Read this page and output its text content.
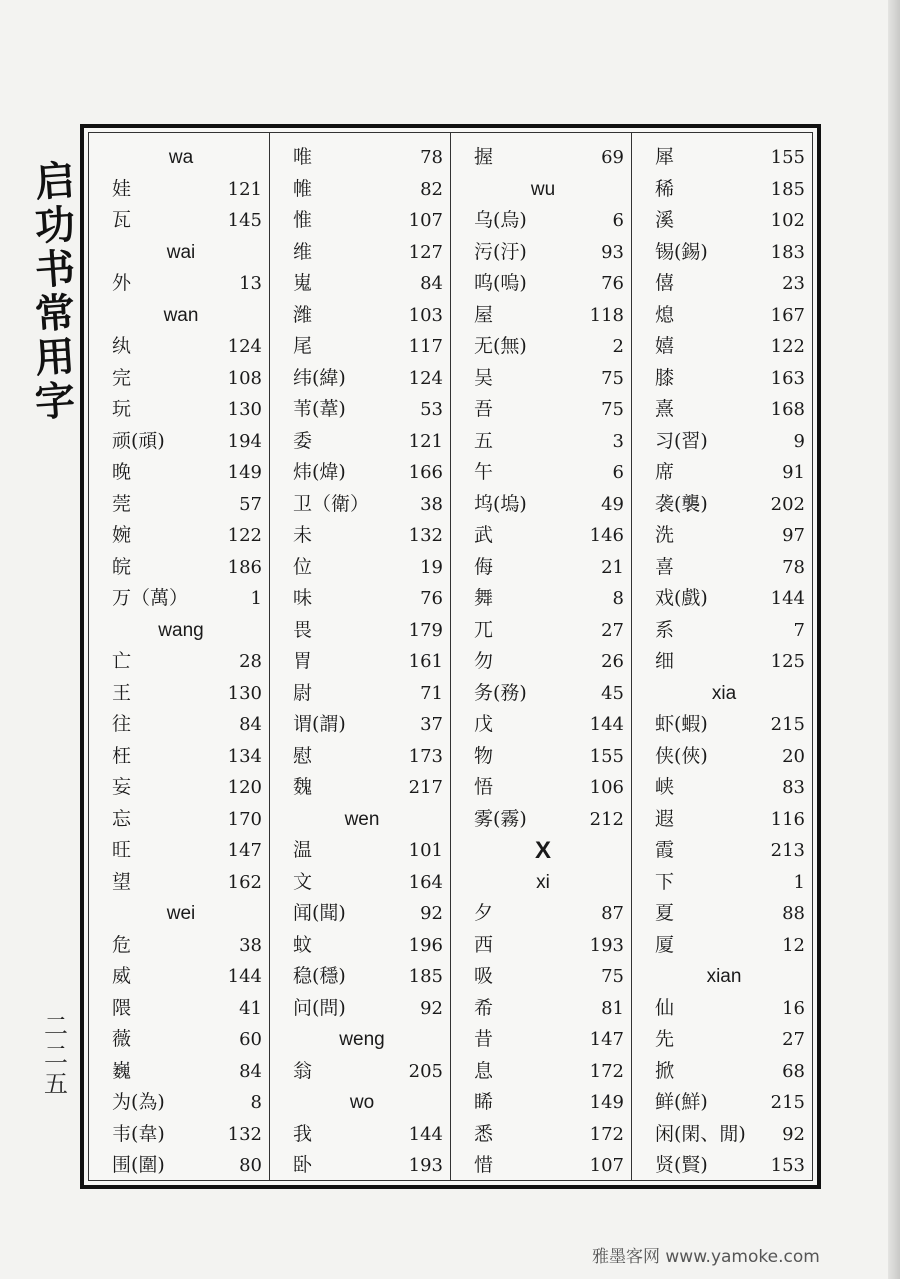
启
功
书
常
用
字
二
二
五
wa
娃	121
瓦	145
wai
外	13
wan
纨	124
完	108
玩	130
顽(頑)	194
晚	149
莞	57
婉	122
皖	186
万（萬）	1
wang
亡	28
王	130
往	84
枉	134
妄	120
忘	170
旺	147
望	162
wei
危	38
威	144
隈	41
薇	60
巍	84
为(為)	8
韦(韋)	132
围(圍)	80
唯	78
帷	82
惟	107
维	127
嵬	84
潍	103
尾	117
纬(緯)	124
苇(葦)	53
委	121
炜(煒)	166
卫（衛）	38
未	132
位	19
味	76
畏	179
胃	161
尉	71
谓(謂)	37
慰	173
魏	217
wen
温	101
文	164
闻(聞)	92
蚊	196
稳(穩)	185
问(問)	92
weng
翁	205
wo
我	144
卧	193
握	69
wu
乌(烏)	6
污(汙)	93
呜(嗚)	76
屋	118
无(無)	2
吴	75
吾	75
五	3
午	6
坞(塢)	49
武	146
侮	21
舞	8
兀	27
勿	26
务(務)	45
戊	144
物	155
悟	106
雾(霧)	212
X
xi
夕	87
西	193
吸	75
希	81
昔	147
息	172
睎	149
悉	172
惜	107
犀	155
稀	185
溪	102
锡(錫)	183
僖	23
熄	167
嬉	122
膝	163
熹	168
习(習)	9
席	91
袭(襲)	202
洗	97
喜	78
戏(戲)	144
系	7
细	125
xia
虾(蝦)	215
侠(俠)	20
峡	83
遐	116
霞	213
下	1
夏	88
厦	12
xian
仙	16
先	27
掀	68
鲜(鮮)	215
闲(閑、閒) 92
贤(賢)	153
雅墨客网 www.yamoke.com
